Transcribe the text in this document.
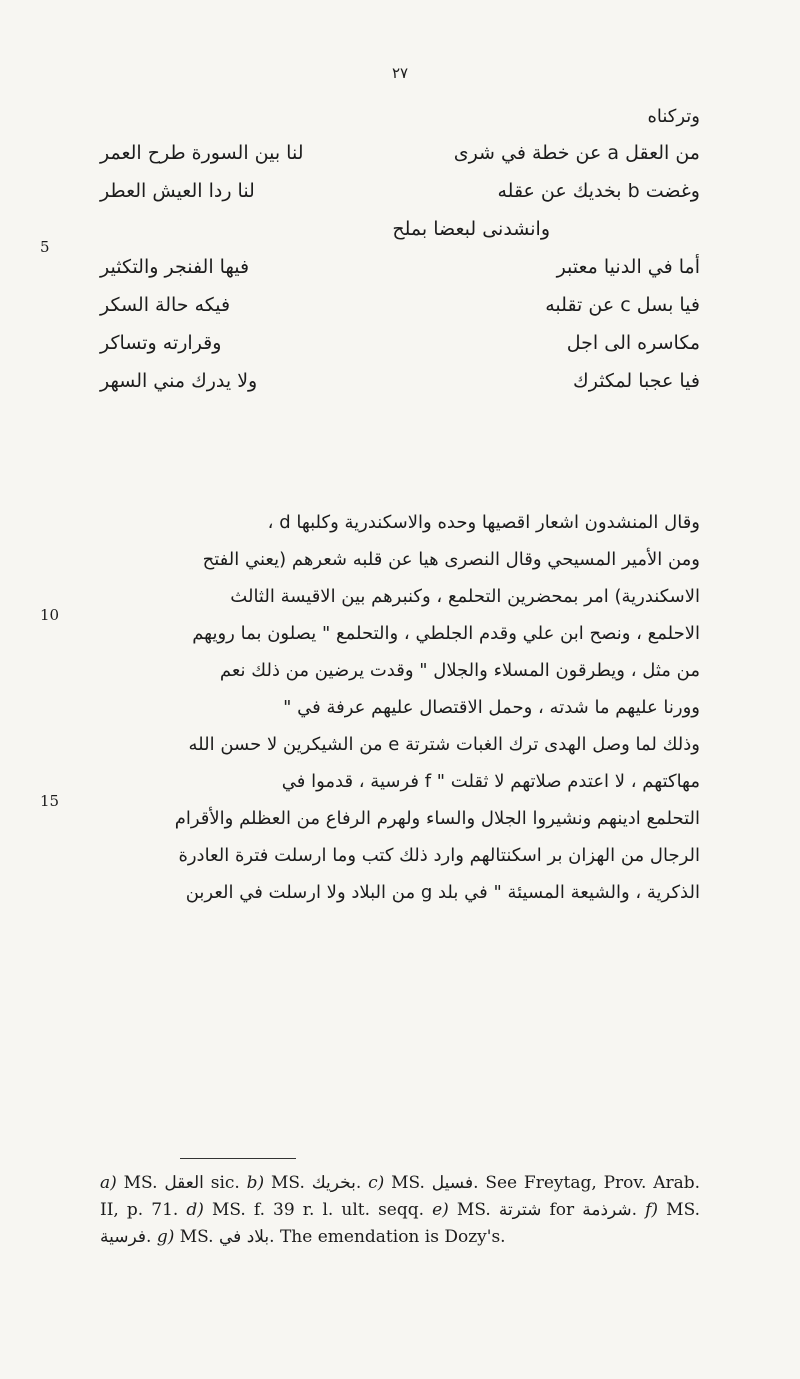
٢٧
وتركناه
من العقل a عن خطة في شرى
لنا بين السورة طرح العمر
وغضت b بخديك عن عقله
لنا ردا العيش العطر
وانشدنى لبعضا بملح
أما في الدنيا معتبر
فيها الفنجر والتكثير
فيا بسل c عن تقلبه
فيكه حالة السكر
مكاسره الى اجل
وقرارته وتساكر
فيا عجبا لمكثرك
ولا يدرك مني السهر
وقال المنشدون اشعار اقصيها وحده والاسكندرية وكلبها d ،
ومن الأمير المسيحي وقال النصرى هيا عن قلبه شعرهم (يعني الفتح
الاسكندرية) امر بمحضرين التحلمع ، وكنبرهم بين الاقيسة الثالث
الاحلمع ، ونصح ابن علي وقدم الجلطي ، والتحلمع " يصلون بما رويهم
من مثل ، ويطرقون المسلاء والجلال " وقدت يرضين من ذلك نعم
وورنا عليهم ما شدته ، وحمل الاقتصال عليهم عرفة في "
وذلك لما وصل الهدى ترك الغبات شترتة e من الشيكرين لا حسن الله
مهاكتهم ، لا اعتدم صلاتهم لا ثقلت " f فرسية ، قدموا في
التحلمع ادينهم ونشيروا الجلال والساء ولهرم الرفاع من العظلم والأقرام
الرجال من الهزان بر اسكنتالهم وارد ذلك كتب وما ارسلت فترة العادرة
الذكرية ، والشيعة المسيئة " في بلد g من البلاد ولا ارسلت في العربن
5
10
15
a) MS. العقل sic. b) MS. بخريك. c) MS. فسيل. See Freytag, Prov. Arab. II, p. 71. d) MS. f. 39 r. l. ult. seqq. e) MS. شترتة for شرذمة. f) MS. فرسية. g) MS. بلاد في. The emendation is Dozy's.
